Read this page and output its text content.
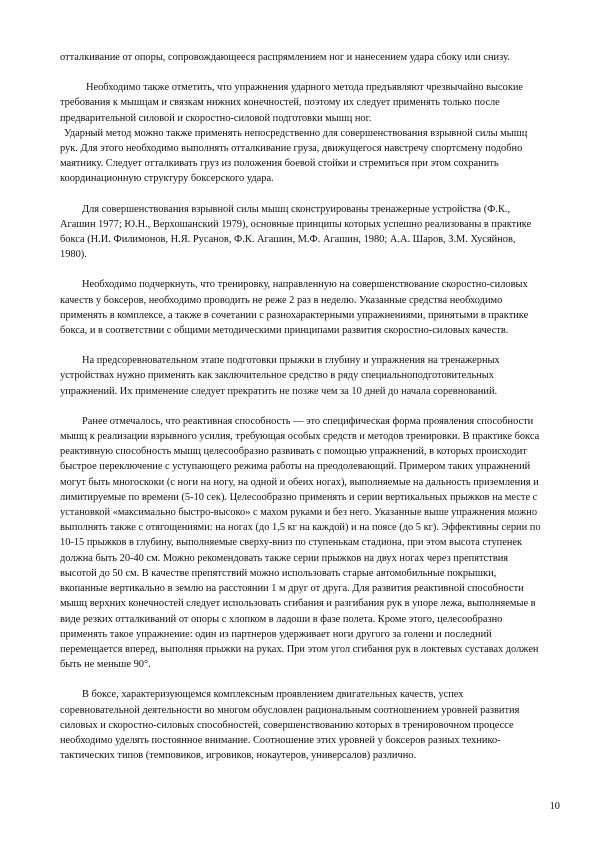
отталкивание от опоры, сопровождающееся распрямлением ног и нанесением удара сбоку или снизу.

Необходимо также отметить, что упражнения ударного метода предъявляют чрезвычайно высокие требования к мышцам и связкам нижних конечностей, поэтому их следует применять только после предварительной силовой и скоростно-силовой подготовки мышц ног.

Ударный метод можно также применять непосредственно для совершенствования взрывной силы мышц рук. Для этого необходимо выполнять отталкивание груза, движущегося навстречу спортсмену подобно маятнику. Следует отталкивать груз из положения боевой стойки и стремиться при этом сохранить координационную структуру боксерского удара.

Для совершенствования взрывной силы мышц сконструированы тренажерные устройства (Ф.К., Агашин 1977; Ю.Н., Верхошанский 1979), основные принципы которых успешно реализованы в практике бокса (Н.И. Филимонов, Н.Я. Русанов, Ф.К. Агашин, М.Ф. Агашин, 1980; А.А. Шаров, З.М. Хусяйнов, 1980).

Необходимо подчеркнуть, что тренировку, направленную на совершенствование скоростно-силовых качеств у боксеров, необходимо проводить не реже 2 раз в неделю. Указанные средства необходимо применять в комплексе, а также в сочетании с разнохарактерными упражнениями, принятыми в практике бокса, и в соответствии с общими методическими принципами развития скоростно-силовых качеств.

На предсоревновательном этапе подготовки прыжки в глубину и упражнения на тренажерных устройствах нужно применять как заключительное средство в ряду специальноподготовительных упражнений. Их применение следует прекратить не позже чем за 10 дней до начала соревнований.

Ранее отмечалось, что реактивная способность — это специфическая форма проявления способности мышц к реализации взрывного усилия, требующая особых средств и методов тренировки. В практике бокса реактивную способность мышц целесообразно развивать с помощью упражнений, в которых происходит быстрое переключение с уступающего режима работы на преодолевающий. Примером таких упражнений могут быть многоскоки (с ноги на ногу, на одной и обеих ногах), выполняемые на дальность приземления и лимитируемые по времени (5-10 сек). Целесообразно применять и серии вертикальных прыжков на месте с установкой «максимально быстро-высоко» с махом руками и без него. Указанные выше упражнения можно выполнять также с отягощениями: на ногах (до 1,5 кг на каждой) и на поясе (до 5 кг). Эффективны серии по 10-15 прыжков в глубину, выполняемые сверху-вниз по ступенькам стадиона, при этом высота ступенек должна быть 20-40 см. Можно рекомендовать также серии прыжков на двух ногах через препятствия высотой до 50 см. В качестве препятствий можно использовать старые автомобильные покрышки, вкопанные вертикально в землю на расстоянии 1 м друг от друга. Для развития реактивной способности мышц верхних конечностей следует использовать сгибания и разгибания рук в упоре лежа, выполняемые в виде резких отталкиваний от опоры с хлопком в ладоши в фазе полета. Кроме этого, целесообразно применять такое упражнение: один из партнеров удерживает ноги другого за голени и последний перемещается вперед, выполняя прыжки на руках. При этом угол сгибания рук в локтевых суставах должен быть не меньше 90°.

В боксе, характеризующемся комплексным проявлением двигательных качеств, успех соревновательной деятельности во многом обусловлен рациональным соотношением уровней развития силовых и скоростно-силовых способностей, совершенствованию которых в тренировочном процессе необходимо уделять постоянное внимание. Соотношение этих уровней у боксеров разных технико-тактических типов (темповиков, игровиков, нокаутеров, универсалов) различно.

10
